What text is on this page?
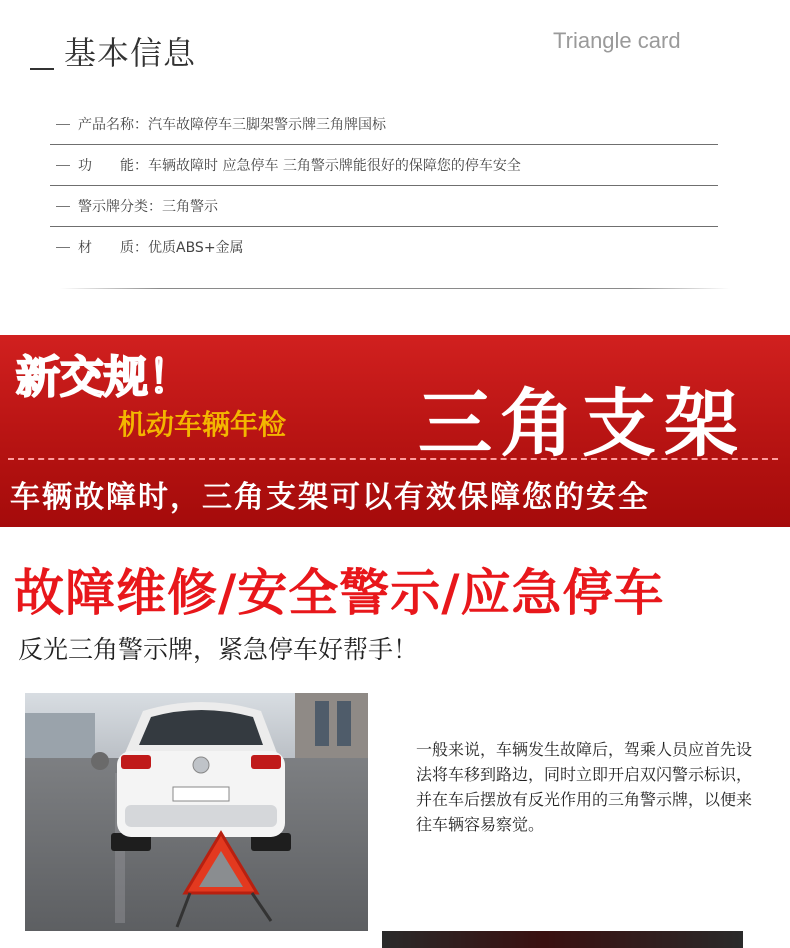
基本信息	Triangle card
产品名称 ： 汽车故障停车三脚架警示牌三角牌国标
功　　能 ： 车辆故障时 应急停车 三角警示牌能很好的保障您的停车安全
警示牌分类 ： 三角警示
材　　质 ： 优质ABS+金属
新交规！
机动车辆年检 三角支架
车辆故障时，三角支架可以有效保障您的安全
故障维修/安全警示/应急停车
反光三角警示牌，紧急停车好帮手！
一般来说，车辆发生故障后，驾乘人员应首先设法将车移到路边，同时立即开启双闪警示标识，并在车后摆放有反光作用的三角警示牌，以便来往车辆容易察觉。
